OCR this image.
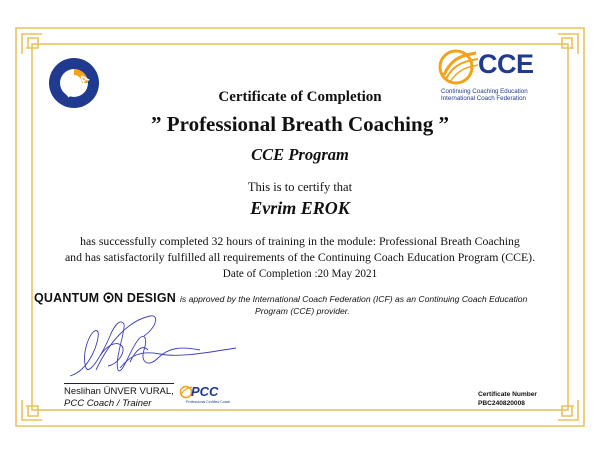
IDEA
CCE
Continuing Coaching Education
International Coach Federation
Certificate of Completion
” Professional Breath Coaching ”
CCE Program
This is to certify that
Evrim EROK
has successfully completed 32 hours of training in the module: Professional Breath Coaching
and has satisfactorily fulfilled all requirements of the Continuing Coach Education Program (CCE).
Date of Completion :20 May 2021
QUANTUM N DESIGN is approved by the International Coach Federation (ICF) as an Continuing Coach Education
Program (CCE) provider.
Neslihan ÜNVER VURAL,
PCC Coach / Trainer
PCC
Professional Certified Coach
Certificate Number
PBC240820008
